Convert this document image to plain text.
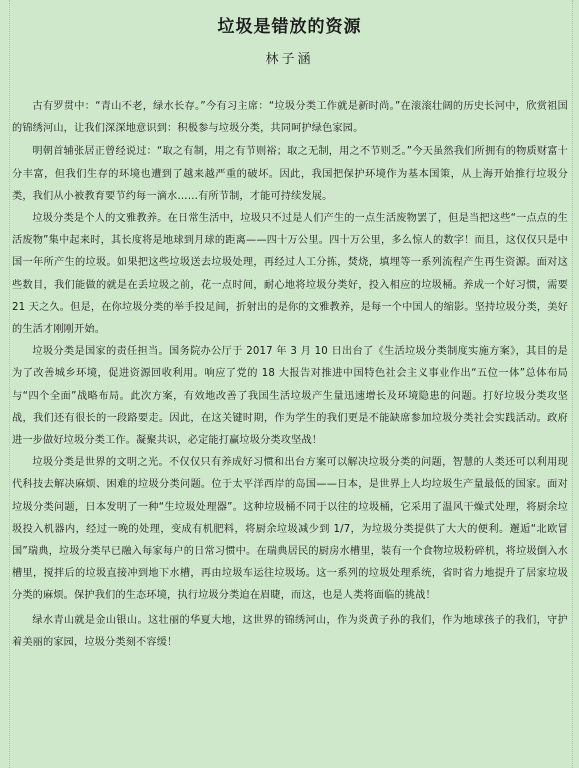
垃圾是错放的资源
林子涵

古有罗贯中：“青山不老，绿水长存。”今有习主席：“垃圾分类工作就是新时尚。”在滚滚壮阔的历史长河中，欣赏祖国的锦绣河山，让我们深深地意识到：积极参与垃圾分类，共同呵护绿色家园。

明朝首辅张居正曾经说过：“取之有制，用之有节则裕；取之无制，用之不节则乏。”今天虽然我们所拥有的物质财富十分丰富，但我们生存的环境也遭到了越来越严重的破坏。因此，我国把保护环境作为基本国策，从上海开始推行垃圾分类，我们从小被教育要节约每一滴水……有所节制，才能可持续发展。

垃圾分类是个人的文雅教养。在日常生活中，垃圾只不过是人们产生的一点生活废物罢了，但是当把这些“一点点的生活废物”集中起来时，其长度将是地球到月球的距离——四十万公里。四十万公里，多么惊人的数字！而且，这仅仅只是中国一年所产生的垃圾。如果把这些垃圾送去垃圾处理，再经过人工分拣，焚烧，填埋等一系列流程产生再生资源。面对这些数目，我们能做的就是在丢垃圾之前，花一点时间，耐心地将垃圾分类好，投入相应的垃圾桶。养成一个好习惯，需要 21 天之久。但是，在你垃圾分类的举手投足间，折射出的是你的文雅教养，是每一个中国人的缩影。坚持垃圾分类，美好的生活才刚刚开始。

垃圾分类是国家的责任担当。国务院办公厅于 2017 年 3 月 10 日出台了《生活垃圾分类制度实施方案》，其目的是为了改善城乡环境，促进资源回收利用。响应了党的 18 大报告对推进中国特色社会主义事业作出“五位一体”总体布局与“四个全面”战略布局。此次方案，有效地改善了我国生活垃圾产生量迅速增长及环境隐患的问题。打好垃圾分类攻坚战，我们还有很长的一段路要走。因此，在这关键时期，作为学生的我们更是不能缺席参加垃圾分类社会实践活动。政府进一步做好垃圾分类工作。凝聚共识，必定能打赢垃圾分类攻坚战！

垃圾分类是世界的文明之光。不仅仅只有养成好习惯和出台方案可以解决垃圾分类的问题，智慧的人类还可以利用现代科技去解决麻烦、困难的垃圾分类问题。位于太平洋西岸的岛国——日本，是世界上人均垃圾生产量最低的国家。面对垃圾分类问题，日本发明了一种“生垃圾处理器”。这种垃圾桶不同于以往的垃圾桶，它采用了温风干燥式处理，将厨余垃圾投入机器内，经过一晚的处理，变成有机肥料，将厨余垃圾减少到 1/7，为垃圾分类提供了大大的便利。邂逅“北欧冒国”瑞典，垃圾分类早已融入每家每户的日常习惯中。在瑞典居民的厨房水槽里，装有一个食物垃圾粉碎机，将垃圾倒入水槽里，搅拌后的垃圾直接冲到地下水槽，再由垃圾车运往垃圾场。这一系列的垃圾处理系统，省时省力地提升了居家垃圾分类的麻烦。保护我们的生态环境，执行垃圾分类迫在眉睫，而这，也是人类将面临的挑战！

绿水青山就是金山银山。这壮丽的华夏大地，这世界的锦绣河山，作为炎黄子孙的我们，作为地球孩子的我们，守护着美丽的家园，垃圾分类刻不容缓！
